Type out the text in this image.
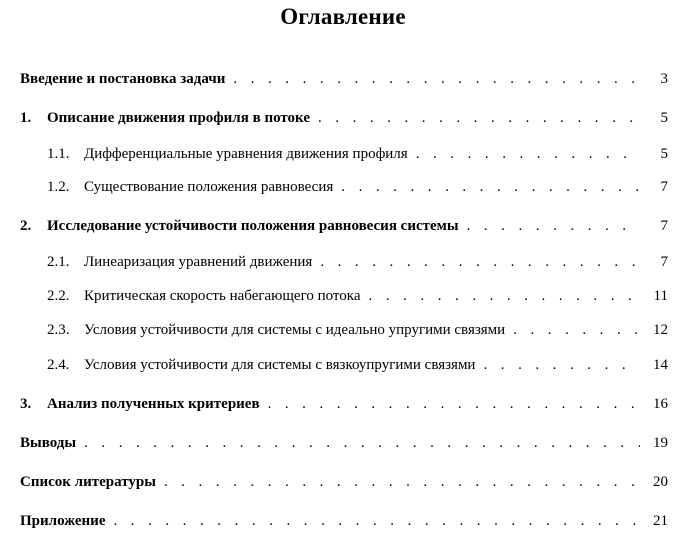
Оглавление
Введение и постановка задачи . . .	3
1.	Описание движения профиля в потоке . . .	5
1.1. Дифференциальные уравнения движения профиля . . .	5
1.2. Существование положения равновесия . . .	7
2.	Исследование устойчивости положения равновесия системы . . .	7
2.1. Линеаризация уравнений движения . . .	7
2.2. Критическая скорость набегающего потока . . .	11
2.3. Условия устойчивости для системы с идеально упругими связями . . .	12
2.4. Условия устойчивости для системы с вязкоупругими связями . . .	14
3.	Анализ полученных критериев . . .	16
Выводы . . .	19
Список литературы . . .	20
Приложение . . .	21
